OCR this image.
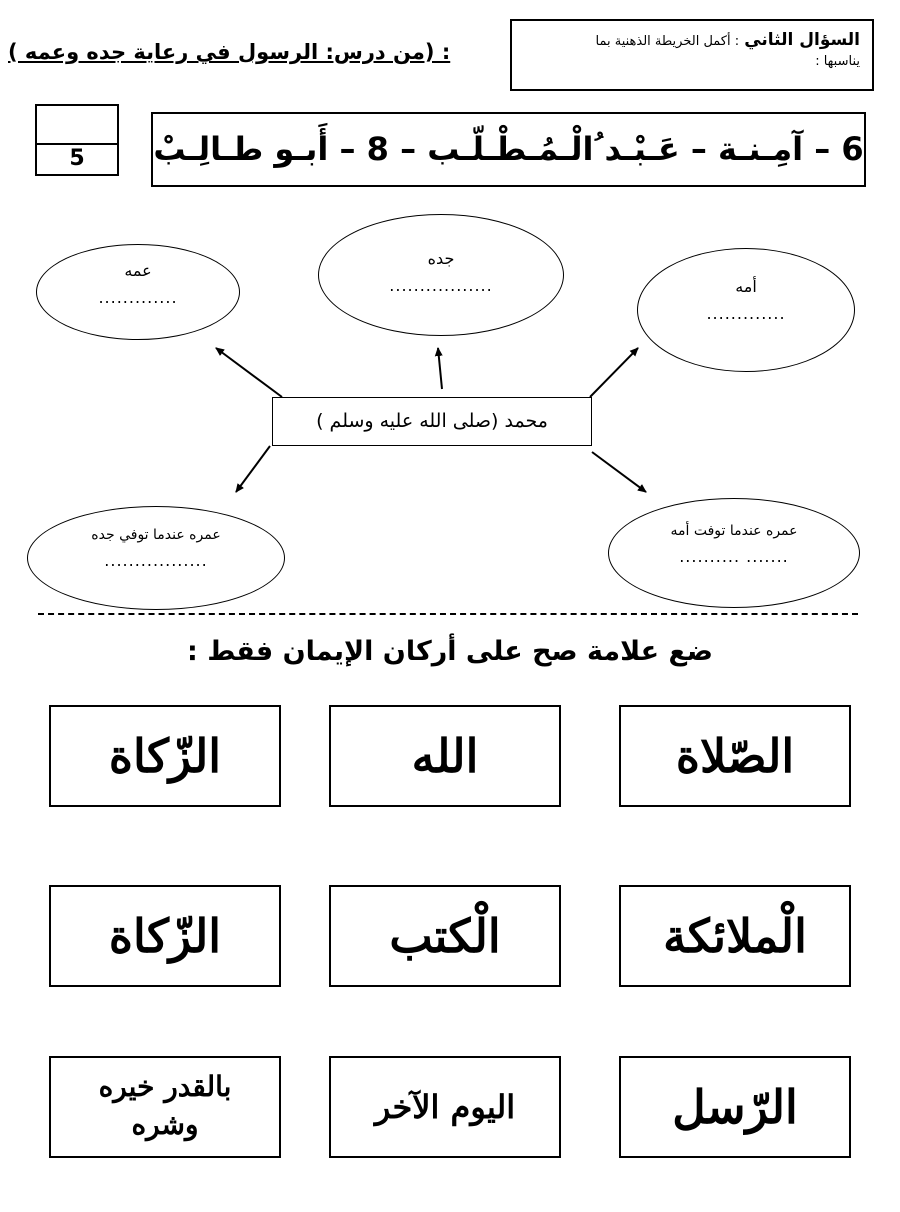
السؤال الثاني : أكمل الخريطة الذهنية بما
يناسبها :
: (من درس: الرسول في رعاية جده وعمه )
5	6 – آمِـنـة – عَـبْـد ُالْـمُـطْـلّـب – 8 – أَبـو طـالِـبْ
عمه
.............
جده
.................	أمه
.............
عمره عندما توفي جده
.................
عمره عندما توفت أمه
....... ..........
محمد (صلى الله عليه وسلم )
ضع علامة صح على أركان الإيمان فقط :
الصّلاة
الله
الزّكاة
الْملائكة
الْكتب
الزّكاة
الرّسل
اليوم الآخر
بالقدر خيره
وشره
